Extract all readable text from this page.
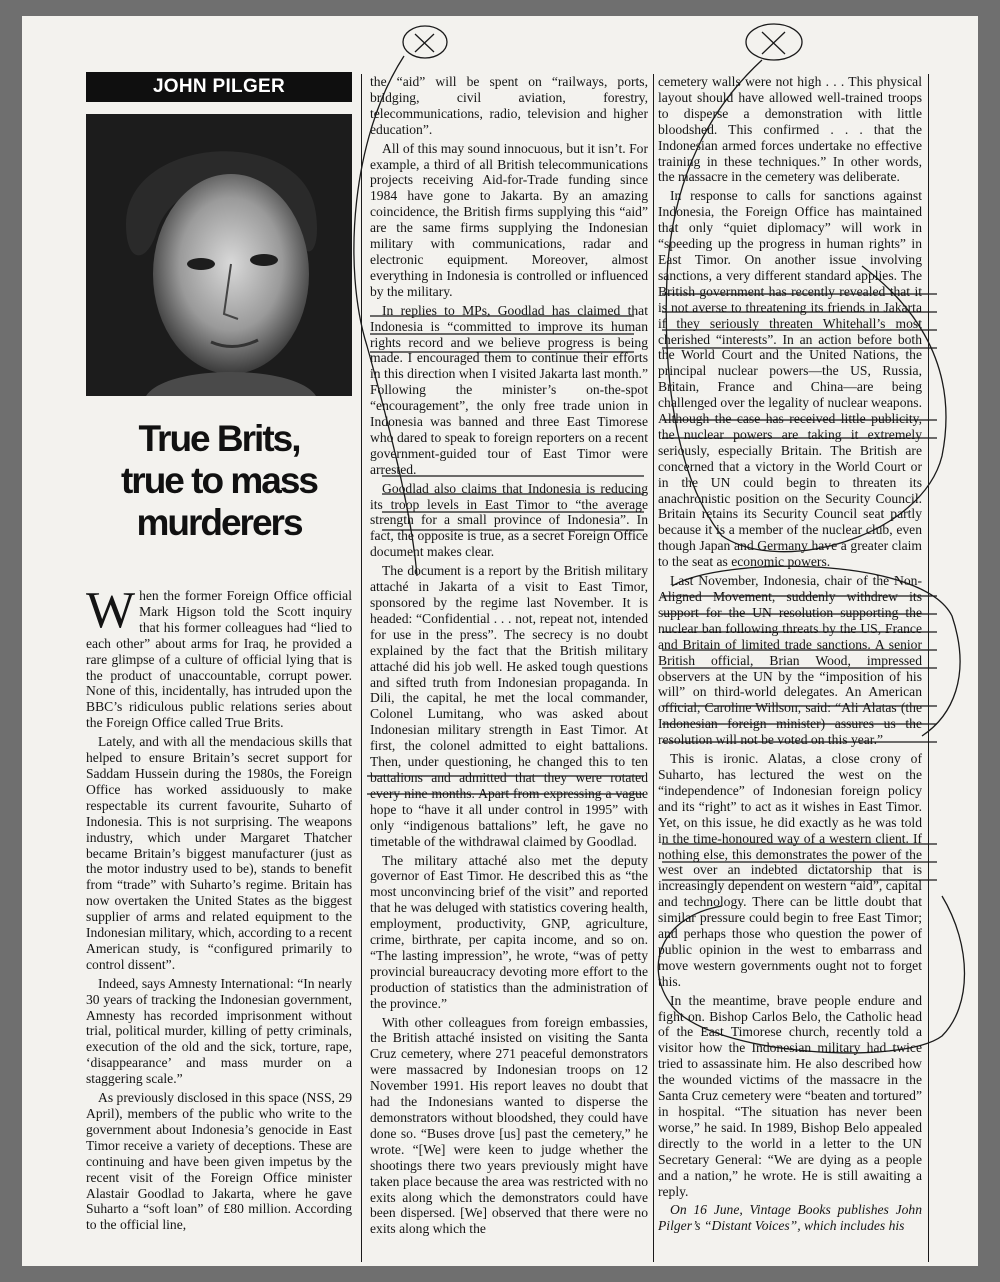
JOHN PILGER
True Brits,
true to mass
murderers

When the former Foreign Office official Mark Higson told the Scott inquiry that his former colleagues had “lied to each other” about arms for Iraq, he provided a rare glimpse of a culture of official lying that is the product of unaccountable, corrupt power. None of this, incidentally, has intruded upon the BBC’s ridiculous public relations series about the Foreign Office called True Brits.

Lately, and with all the mendacious skills that helped to ensure Britain’s secret support for Saddam Hussein during the 1980s, the Foreign Office has worked assiduously to make respectable its current favourite, Suharto of Indonesia. This is not surprising. The weapons industry, which under Margaret Thatcher became Britain’s biggest manufacturer (just as the motor industry used to be), stands to benefit from “trade” with Suharto’s regime. Britain has now overtaken the United States as the biggest supplier of arms and related equipment to the Indonesian military, which, according to a recent American study, is “configured primarily to control dissent”.

Indeed, says Amnesty International: “In nearly 30 years of tracking the Indonesian government, Amnesty has recorded imprisonment without trial, political murder, killing of petty criminals, execution of the old and the sick, torture, rape, ‘disappearance’ and mass murder on a staggering scale.”

As previously disclosed in this space (NSS, 29 April), members of the public who write to the government about Indonesia’s genocide in East Timor receive a variety of deceptions. These are continuing and have been given impetus by the recent visit of the Foreign Office minister Alastair Goodlad to Jakarta, where he gave Suharto a “soft loan” of £80 million. According to the official line,

the “aid” will be spent on “railways, ports, bridging, civil aviation, forestry, telecommunications, radio, television and higher education”.

All of this may sound innocuous, but it isn’t. For example, a third of all British telecommunications projects receiving Aid-for-Trade funding since 1984 have gone to Jakarta. By an amazing coincidence, the British firms supplying this “aid” are the same firms supplying the Indonesian military with communications, radar and electronic equipment. Moreover, almost everything in Indonesia is controlled or influenced by the military.

In replies to MPs, Goodlad has claimed that Indonesia is “committed to improve its human rights record and we believe progress is being made. I encouraged them to continue their efforts in this direction when I visited Jakarta last month.” Following the minister’s on-the-spot “encouragement”, the only free trade union in Indonesia was banned and three East Timorese who dared to speak to foreign reporters on a recent government-guided tour of East Timor were arrested.

Goodlad also claims that Indonesia is reducing its troop levels in East Timor to “the average strength for a small province of Indonesia”. In fact, the opposite is true, as a secret Foreign Office document makes clear.

The document is a report by the British military attaché in Jakarta of a visit to East Timor, sponsored by the regime last November. It is headed: “Confidential . . . not, repeat not, intended for use in the press”. The secrecy is no doubt explained by the fact that the British military attaché did his job well. He asked tough questions and sifted truth from Indonesian propaganda. In Dili, the capital, he met the local commander, Colonel Lumitang, who was asked about Indonesian military strength in East Timor. At first, the colonel admitted to eight battalions. Then, under questioning, he changed this to ten battalions and admitted that they were rotated every nine months. Apart from expressing a vague hope to “have it all under control in 1995” with only “indigenous battalions” left, he gave no timetable of the withdrawal claimed by Goodlad.

The military attaché also met the deputy governor of East Timor. He described this as “the most unconvincing brief of the visit” and reported that he was deluged with statistics covering health, employment, productivity, GNP, agriculture, crime, birthrate, per capita income, and so on. “The lasting impression”, he wrote, “was of petty provincial bureaucracy devoting more effort to the production of statistics than the administration of the province.”

With other colleagues from foreign embassies, the British attaché insisted on visiting the Santa Cruz cemetery, where 271 peaceful demonstrators were massacred by Indonesian troops on 12 November 1991. His report leaves no doubt that had the Indonesians wanted to disperse the demonstrators without bloodshed, they could have done so. “Buses drove [us] past the cemetery,” he wrote. “[We] were keen to judge whether the shootings there two years previously might have taken place because the area was restricted with no exits along which the demonstrators could have been dispersed. [We] observed that there were no exits along which the

cemetery walls were not high . . . This physical layout should have allowed well-trained troops to disperse a demonstration with little bloodshed. This confirmed . . . that the Indonesian armed forces undertake no effective training in these techniques.” In other words, the massacre in the cemetery was deliberate.

In response to calls for sanctions against Indonesia, the Foreign Office has maintained that only “quiet diplomacy” will work in “speeding up the progress in human rights” in East Timor. On another issue involving sanctions, a very different standard applies. The British government has recently revealed that it is not averse to threatening its friends in Jakarta if they seriously threaten Whitehall’s most cherished “interests”. In an action before both the World Court and the United Nations, the principal nuclear powers—the US, Russia, Britain, France and China—are being challenged over the legality of nuclear weapons. Although the case has received little publicity, the nuclear powers are taking it extremely seriously, especially Britain. The British are concerned that a victory in the World Court or in the UN could begin to threaten its anachronistic position on the Security Council. Britain retains its Security Council seat partly because it is a member of the nuclear club, even though Japan and Germany have a greater claim to the seat as economic powers.

Last November, Indonesia, chair of the Non-Aligned Movement, suddenly withdrew its support for the UN resolution supporting the nuclear ban following threats by the US, France and Britain of limited trade sanctions. A senior British official, Brian Wood, impressed observers at the UN by the “imposition of his will” on third-world delegates. An American official, Caroline Willson, said: “Ali Alatas (the Indonesian foreign minister) assures us the resolution will not be voted on this year.”

This is ironic. Alatas, a close crony of Suharto, has lectured the west on the “independence” of Indonesian foreign policy and its “right” to act as it wishes in East Timor. Yet, on this issue, he did exactly as he was told in the time-honoured way of a western client. If nothing else, this demonstrates the power of the west over an indebted dictatorship that is increasingly dependent on western “aid”, capital and technology. There can be little doubt that similar pressure could begin to free East Timor; and perhaps those who question the power of public opinion in the west to embarrass and move western governments ought not to forget this.

In the meantime, brave people endure and fight on. Bishop Carlos Belo, the Catholic head of the East Timorese church, recently told a visitor how the Indonesian military had twice tried to assassinate him. He also described how the wounded victims of the massacre in the Santa Cruz cemetery were “beaten and tortured” in hospital. “The situation has never been worse,” he said. In 1989, Bishop Belo appealed directly to the world in a letter to the UN Secretary General: “We are dying as a people and a nation,” he wrote. He is still awaiting a reply.

On 16 June, Vintage Books publishes John Pilger’s “Distant Voices”, which includes his
